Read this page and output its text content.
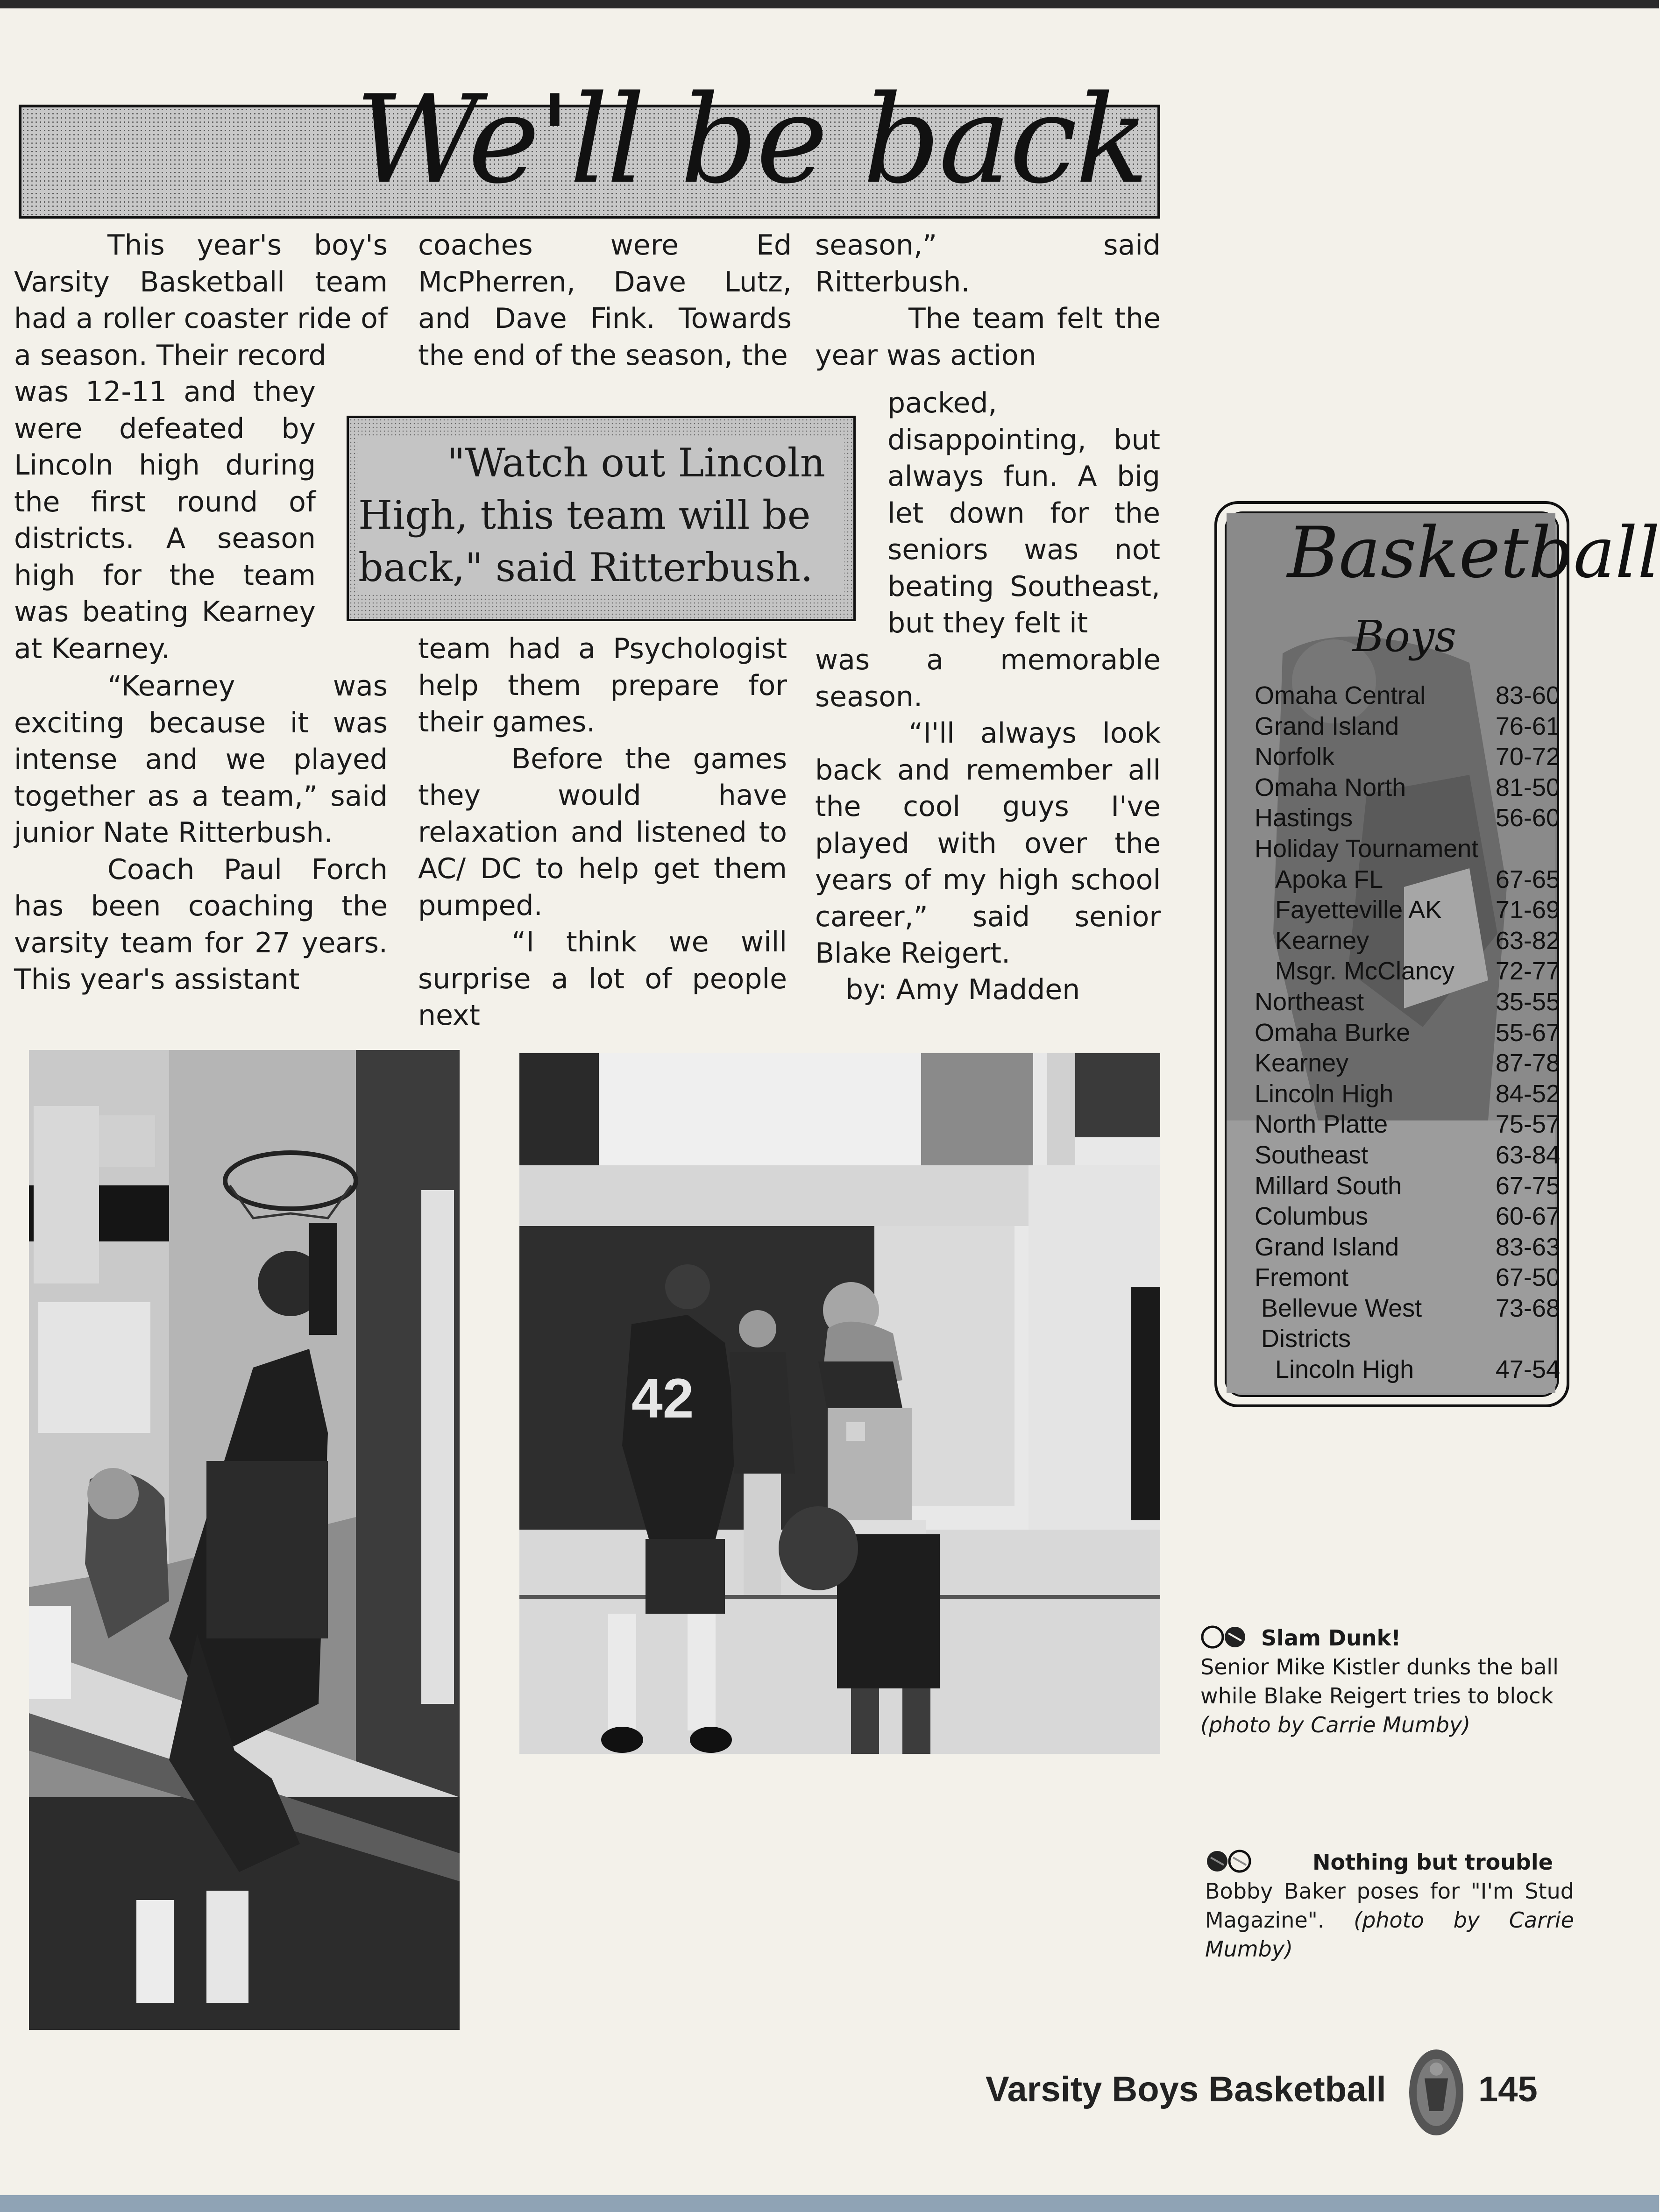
We'll be back

This year's boy's Varsity Basketball team had a roller coaster ride of a season. Their record

was 12-11 and they were defeated by Lincoln high during the first round of districts. A season high for the team was beating Kearney at Kearney.

“Kearney was exciting because it was intense and we played together as a team,” said junior Nate Ritterbush.

Coach Paul Forch has been coaching the varsity team for 27 years. This year's assistant

coaches were Ed McPherren, Dave Lutz, and Dave Fink. Towards the end of the season, the

team had a Psychologist help them prepare for their games.

Before the games they would have relaxation and listened to AC/ DC to help get them pumped.

“I think we will surprise a lot of people next

season,” said Ritterbush.

The team felt the year was action

packed, disappointing, but always fun. A big let down for the seniors was not beating Southeast, but they felt it

was a memorable season.

“I'll always look back and remember all the cool guys I've played with over the years of my high school career,” said senior Blake Reigert.

by: Amy Madden
"Watch out Lincoln
High, this team will be
back," said Ritterbush.
42
Basketball
Boys
Omaha Central	83-60
Grand Island	76-61
Norfolk	70-72
Omaha North	81-50
Hastings	56-60
Holiday Tournament
Apoka FL	67-65
Fayetteville AK 71-69
Kearney	63-82
Msgr. McClancy 72-77
Northeast	35-55
Omaha Burke	55-67
Kearney	87-78
Lincoln High	84-52
North Platte	75-57
Southeast	63-84
Millard South	67-75
Columbus	60-67
Grand Island	83-63
Fremont	67-50
Bellevue West	73-68
Districts
Lincoln High	47-54
Slam Dunk!
Senior Mike Kistler dunks the ball while Blake Reigert tries to block
(photo by Carrie Mumby)
Nothing but trouble
Bobby Baker poses for "I'm Stud Magazine". (photo by Carrie Mumby)
Varsity Boys Basketball	145
